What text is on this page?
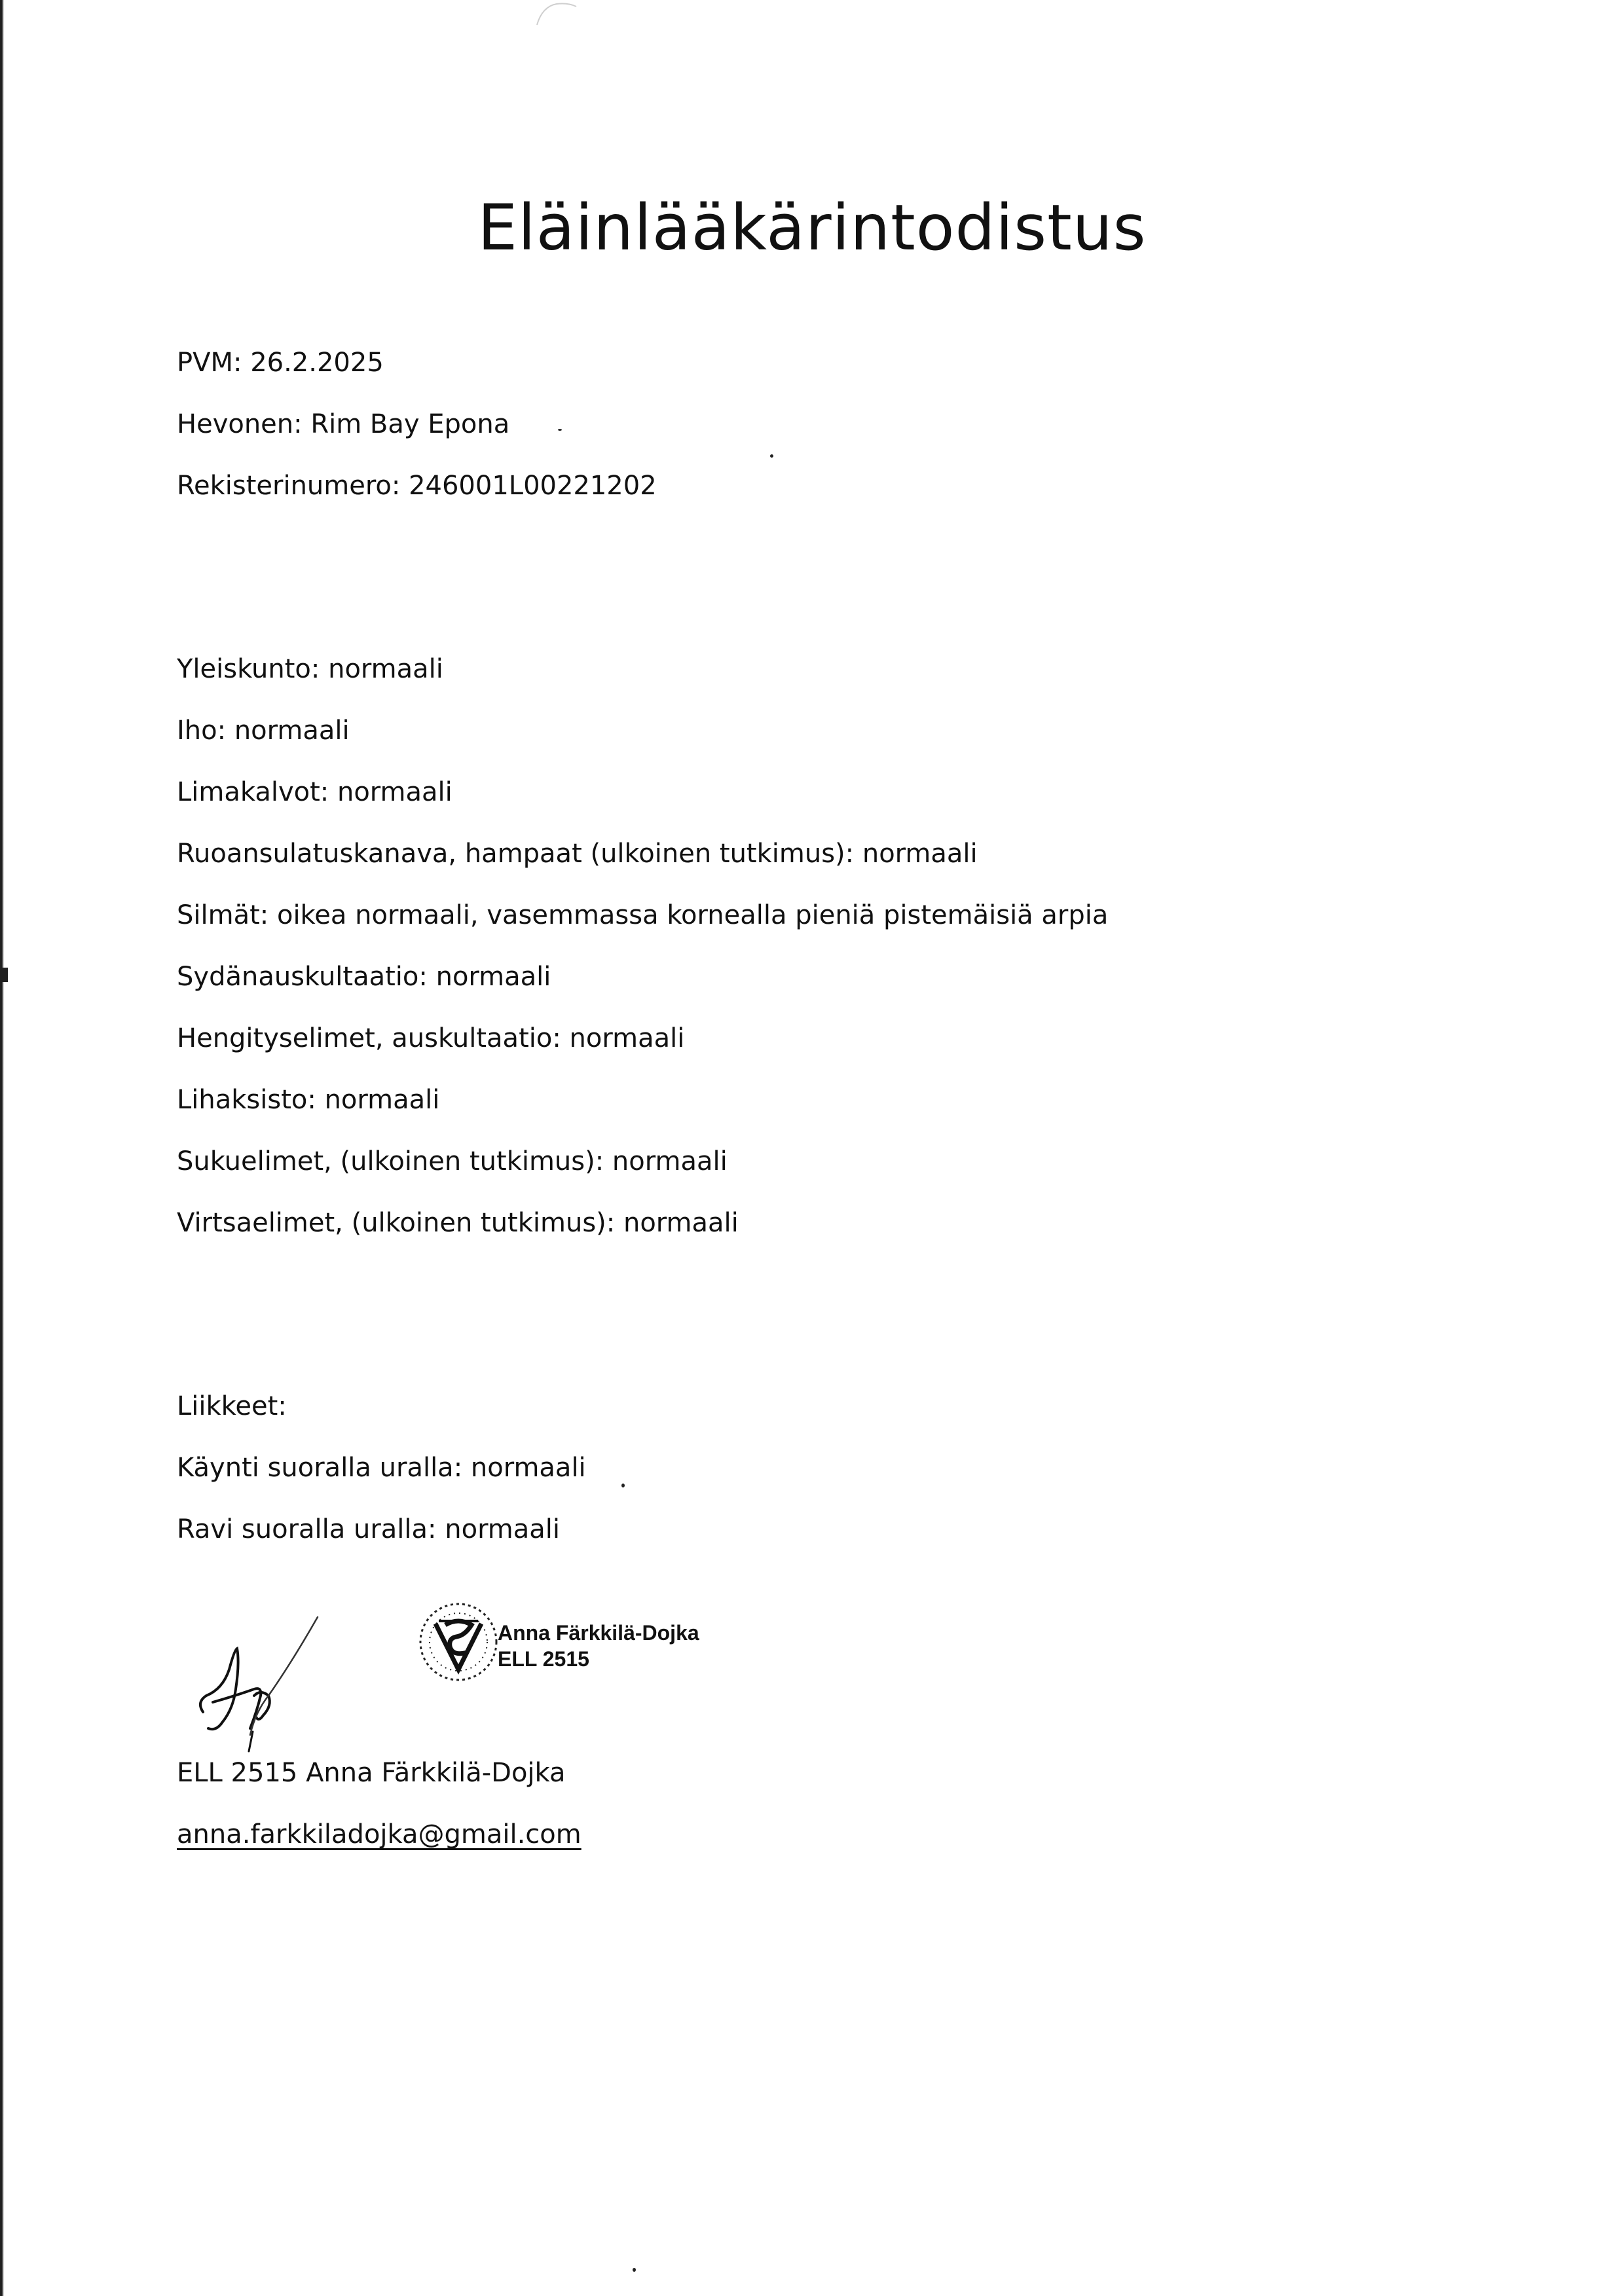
Eläinlääkärintodistus
PVM: 26.2.2025
Hevonen: Rim Bay Epona
Rekisterinumero: 246001L00221202
Yleiskunto: normaali
Iho: normaali
Limakalvot: normaali
Ruoansulatuskanava, hampaat (ulkoinen tutkimus): normaali
Silmät: oikea normaali, vasemmassa kornealla pieniä pistemäisiä arpia
Sydänauskultaatio: normaali
Hengityselimet, auskultaatio: normaali
Lihaksisto: normaali
Sukuelimet, (ulkoinen tutkimus): normaali
Virtsaelimet, (ulkoinen tutkimus): normaali
Liikkeet:
Käynti suoralla uralla: normaali
Ravi suoralla uralla: normaali
Anna Färkkilä-Dojka
ELL 2515
ELL 2515 Anna Färkkilä-Dojka
anna.farkkiladojka@gmail.com
